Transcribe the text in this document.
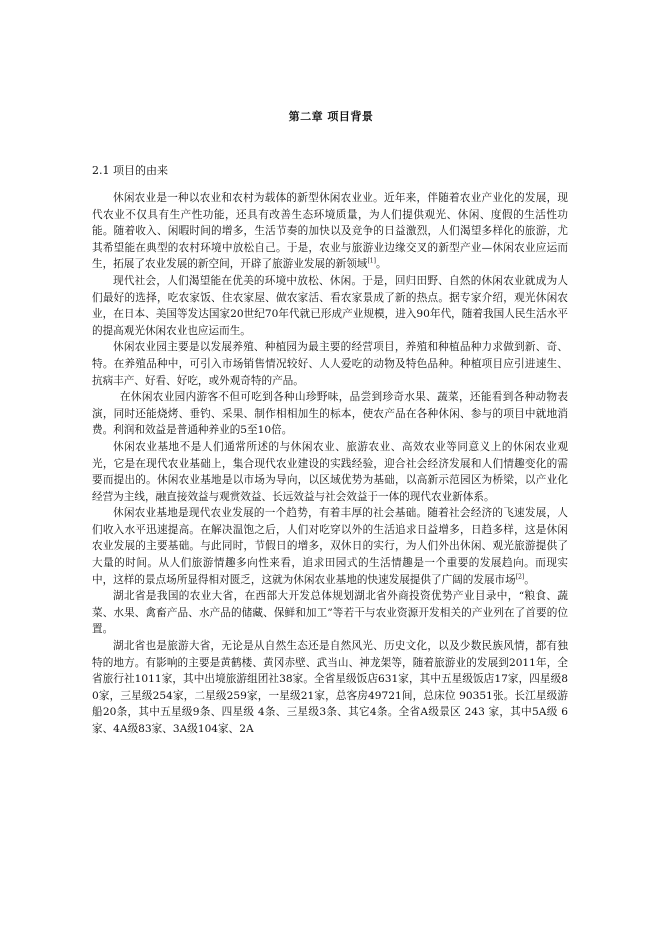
第二章 项目背景
2.1 项目的由来

休闲农业是一种以农业和农村为载体的新型休闲农业业。近年来，伴随着农业产业化的发展，现代农业不仅具有生产性功能，还具有改善生态环境质量，为人们提供观光、休闲、度假的生活性功能。随着收入、闲暇时间的增多，生活节奏的加快以及竞争的日益激烈，人们渴望多样化的旅游，尤其希望能在典型的农村环境中放松自己。于是，农业与旅游业边缘交叉的新型产业—休闲农业应运而生，拓展了农业发展的新空间，开辟了旅游业发展的新领域[1]。

现代社会，人们渴望能在优美的环境中放松、休闲。于是，回归田野、自然的休闲农业就成为人们最好的选择，吃农家饭、住农家屋、做农家活、看农家景成了新的热点。据专家介绍，观光休闲农业，在日本、美国等发达国家20世纪70年代就已形成产业规模，进入90年代，随着我国人民生活水平的提高观光休闲农业也应运而生。

休闲农业园主要是以发展养殖、种植园为最主要的经营项目，养殖和种植品种力求做到新、奇、特。在养殖品种中，可引入市场销售情况较好、人人爱吃的动物及特色品种。种植项目应引进速生、抗病丰产、好看、好吃，或外观奇特的产品。

在休闲农业园内游客不但可吃到各种山珍野味，品尝到珍奇水果、蔬菜，还能看到各种动物表演，同时还能烧烤、垂钓、采果、制作相相加生的标本，使农产品在各种休闲、参与的项目中就地消费。利润和效益是普通种养业的5至10倍。

休闲农业基地不是人们通常所述的与休闲农业、旅游农业、高效农业等同意义上的休闲农业观光，它是在现代农业基础上，集合现代农业建设的实践经验，迎合社会经济发展和人们情趣变化的需要而提出的。休闲农业基地是以市场为导向，以区域优势为基础，以高新示范园区为桥梁，以产业化经营为主线，融直接效益与观赏效益、长远效益与社会效益于一体的现代农业新体系。

休闲农业基地是现代农业发展的一个趋势，有着丰厚的社会基础。随着社会经济的飞速发展，人们收入水平迅速提高。在解决温饱之后，人们对吃穿以外的生活追求日益增多，日趋多样，这是休闲农业发展的主要基础。与此同时，节假日的增多，双休日的实行，为人们外出休闲、观光旅游提供了大量的时间。从人们旅游情趣多向性来看，追求田园式的生活情趣是一个重要的发展趋向。而现实中，这样的景点场所显得相对匮乏，这就为休闲农业基地的快速发展提供了广阔的发展市场[2]。

湖北省是我国的农业大省，在西部大开发总体规划湖北省外商投资优势产业目录中，“粮食、蔬菜、水果、禽畜产品、水产品的储藏、保鲜和加工”等若干与农业资源开发相关的产业列在了首要的位置。

湖北省也是旅游大省，无论是从自然生态还是自然风光、历史文化，以及少数民族风情，都有独特的地方。有影响的主要是黄鹤楼、黄冈赤壁、武当山、神龙架等，随着旅游业的发展到2011年，全省旅行社1011家，其中出境旅游组团社38家。全省星级饭店631家，其中五星级饭店17家，四星级80家，三星级254家，二星级259家，一星级21家，总客房49721间，总床位 90351张。长江星级游船20条，其中五星级9条、四星级 4条、三星级3条、其它4条。全省A级景区 243 家，其中5A级 6家、4A级83家、3A级104家、2A
